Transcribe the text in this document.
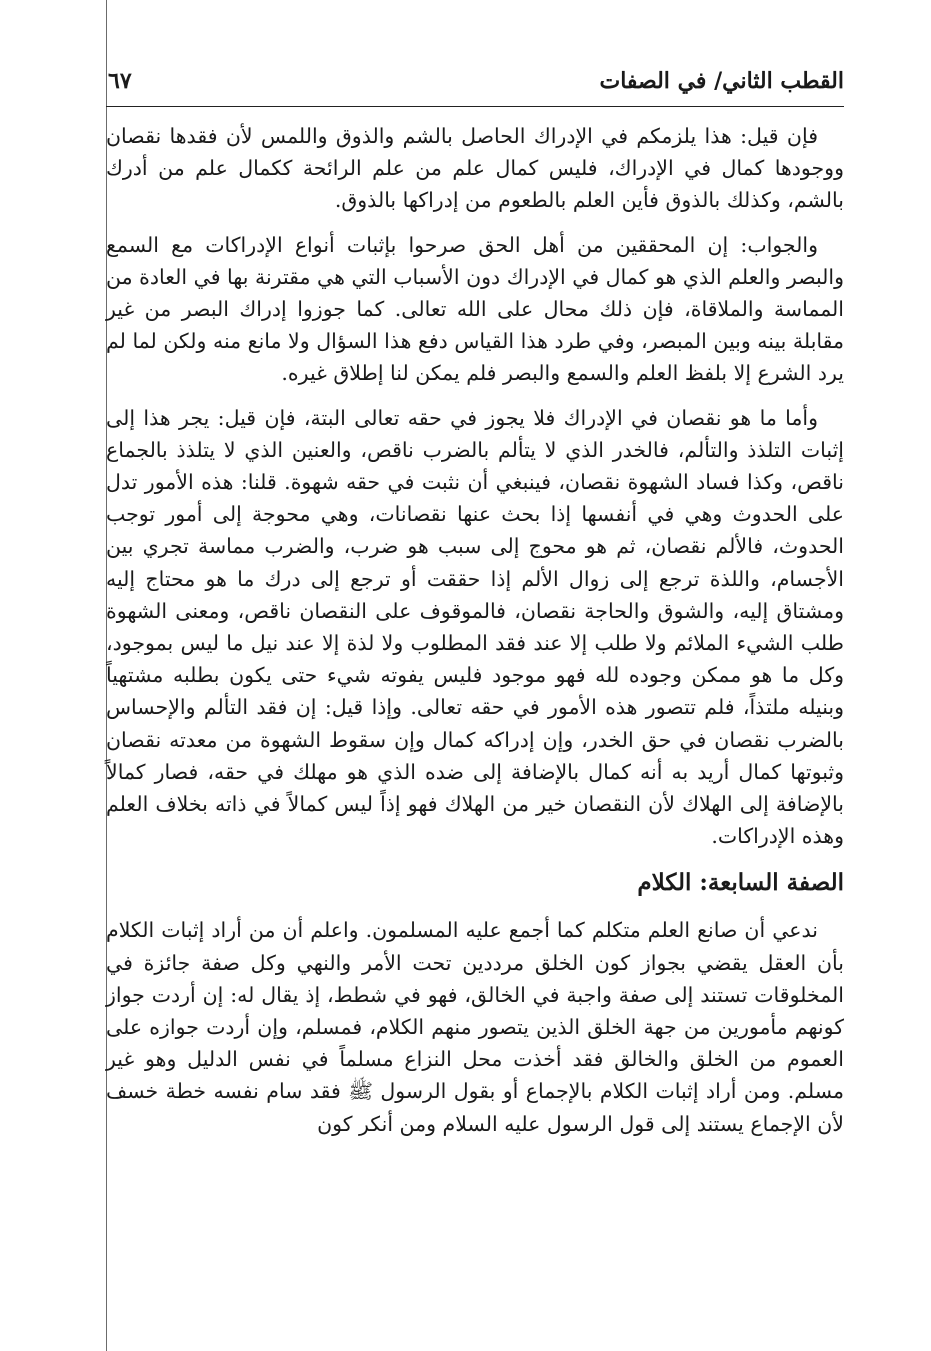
القطب الثاني/ في الصفات
٦٧

فإن قيل: هذا يلزمكم في الإدراك الحاصل بالشم والذوق واللمس لأن فقدها نقصان ووجودها كمال في الإدراك، فليس كمال علم من علم الرائحة ككمال علم من أدرك بالشم، وكذلك بالذوق فأين العلم بالطعوم من إدراكها بالذوق.

والجواب: إن المحققين من أهل الحق صرحوا بإثبات أنواع الإدراكات مع السمع والبصر والعلم الذي هو كمال في الإدراك دون الأسباب التي هي مقترنة بها في العادة من المماسة والملاقاة، فإن ذلك محال على الله تعالى. كما جوزوا إدراك البصر من غير مقابلة بينه وبين المبصر، وفي طرد هذا القياس دفع هذا السؤال ولا مانع منه ولكن لما لم يرد الشرع إلا بلفظ العلم والسمع والبصر فلم يمكن لنا إطلاق غيره.

وأما ما هو نقصان في الإدراك فلا يجوز في حقه تعالى البتة، فإن قيل: يجر هذا إلى إثبات التلذذ والتألم، فالخدر الذي لا يتألم بالضرب ناقص، والعنين الذي لا يتلذذ بالجماع ناقص، وكذا فساد الشهوة نقصان، فينبغي أن نثبت في حقه شهوة. قلنا: هذه الأمور تدل على الحدوث وهي في أنفسها إذا بحث عنها نقصانات، وهي محوجة إلى أمور توجب الحدوث، فالألم نقصان، ثم هو محوج إلى سبب هو ضرب، والضرب مماسة تجري بين الأجسام، واللذة ترجع إلى زوال الألم إذا حققت أو ترجع إلى درك ما هو محتاج إليه ومشتاق إليه، والشوق والحاجة نقصان، فالموقوف على النقصان ناقص، ومعنى الشهوة طلب الشيء الملائم ولا طلب إلا عند فقد المطلوب ولا لذة إلا عند نيل ما ليس بموجود، وكل ما هو ممكن وجوده لله فهو موجود فليس يفوته شيء حتى يكون بطلبه مشتهياً وبنيله ملتذاً، فلم تتصور هذه الأمور في حقه تعالى. وإذا قيل: إن فقد التألم والإحساس بالضرب نقصان في حق الخدر، وإن إدراكه كمال وإن سقوط الشهوة من معدته نقصان وثبوتها كمال أريد به أنه كمال بالإضافة إلى ضده الذي هو مهلك في حقه، فصار كمالاً بالإضافة إلى الهلاك لأن النقصان خير من الهلاك فهو إذاً ليس كمالاً في ذاته بخلاف العلم وهذه الإدراكات.

الصفة السابعة: الكلام

ندعي أن صانع العلم متكلم كما أجمع عليه المسلمون. واعلم أن من أراد إثبات الكلام بأن العقل يقضي بجواز كون الخلق مرددين تحت الأمر والنهي وكل صفة جائزة في المخلوقات تستند إلى صفة واجبة في الخالق، فهو في شطط، إذ يقال له: إن أردت جواز كونهم مأمورين من جهة الخلق الذين يتصور منهم الكلام، فمسلم، وإن أردت جوازه على العموم من الخلق والخالق فقد أخذت محل النزاع مسلماً في نفس الدليل وهو غير مسلم. ومن أراد إثبات الكلام بالإجماع أو بقول الرسول ﷺ فقد سام نفسه خطة خسف لأن الإجماع يستند إلى قول الرسول عليه السلام ومن أنكر كون
